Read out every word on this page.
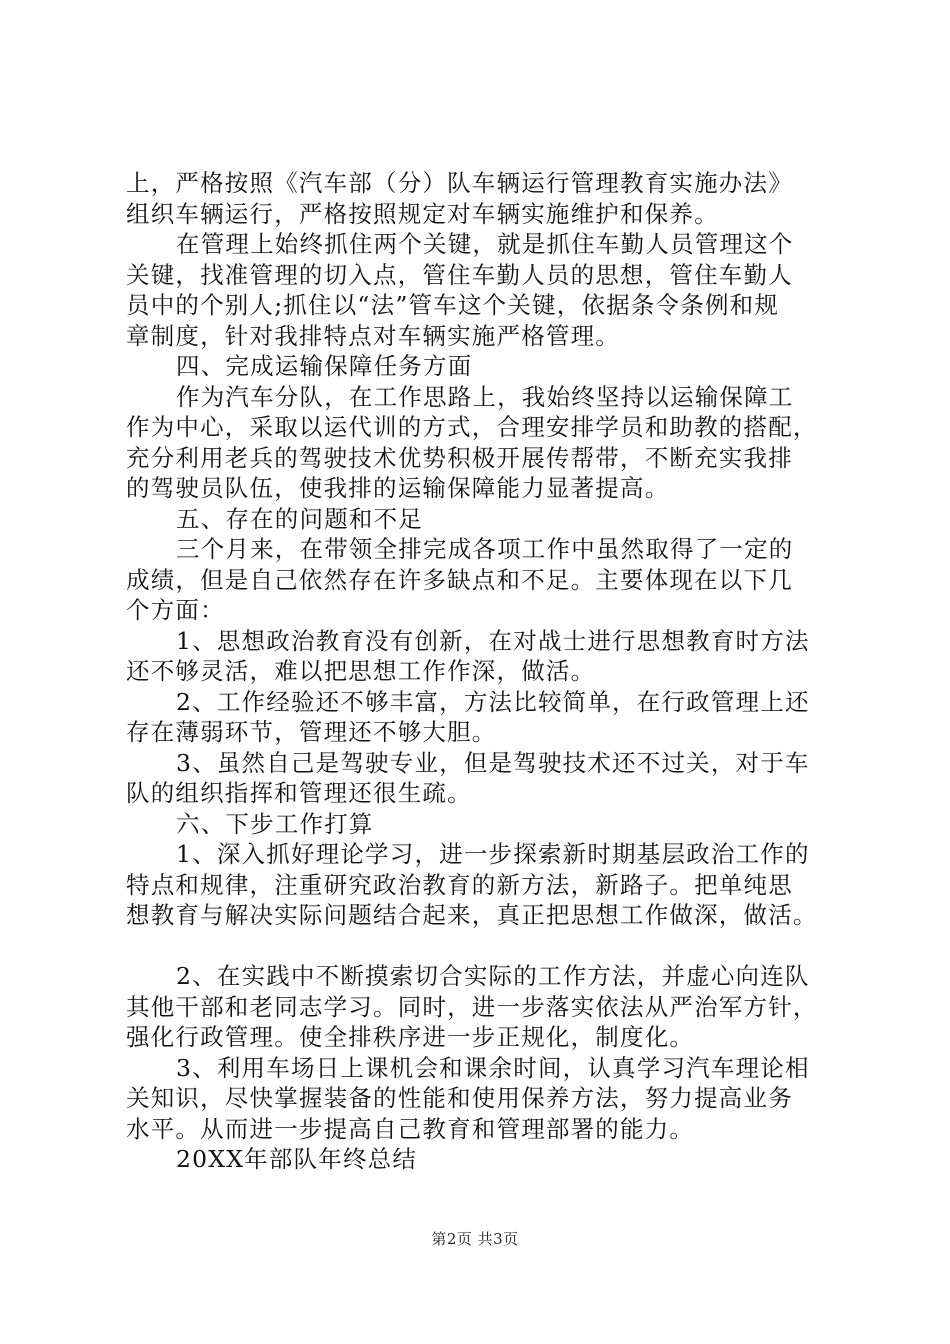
上，严格按照《汽车部（分）队车辆运行管理教育实施办法》
组织车辆运行，严格按照规定对车辆实施维护和保养。
在管理上始终抓住两个关键，就是抓住车勤人员管理这个
关键，找准管理的切入点，管住车勤人员的思想，管住车勤人
员中的个别人;抓住以“法”管车这个关键，依据条令条例和规
章制度，针对我排特点对车辆实施严格管理。
四、完成运输保障任务方面
作为汽车分队，在工作思路上，我始终坚持以运输保障工
作为中心，采取以运代训的方式，合理安排学员和助教的搭配，
充分利用老兵的驾驶技术优势积极开展传帮带，不断充实我排
的驾驶员队伍，使我排的运输保障能力显著提高。
五、存在的问题和不足
三个月来，在带领全排完成各项工作中虽然取得了一定的
成绩，但是自己依然存在许多缺点和不足。主要体现在以下几
个方面：
1、思想政治教育没有创新，在对战士进行思想教育时方法
还不够灵活，难以把思想工作作深，做活。
2、工作经验还不够丰富，方法比较简单，在行政管理上还
存在薄弱环节，管理还不够大胆。
3、虽然自己是驾驶专业，但是驾驶技术还不过关，对于车
队的组织指挥和管理还很生疏。
六、下步工作打算
1、深入抓好理论学习，进一步探索新时期基层政治工作的
特点和规律，注重研究政治教育的新方法，新路子。把单纯思
想教育与解决实际问题结合起来，真正把思想工作做深，做活。
2、在实践中不断摸索切合实际的工作方法，并虚心向连队
其他干部和老同志学习。同时，进一步落实依法从严治军方针，
强化行政管理。使全排秩序进一步正规化，制度化。
3、利用车场日上课机会和课余时间，认真学习汽车理论相
关知识，尽快掌握装备的性能和使用保养方法，努力提高业务
水平。从而进一步提高自己教育和管理部署的能力。
20XX年部队年终总结
第2页 共3页
